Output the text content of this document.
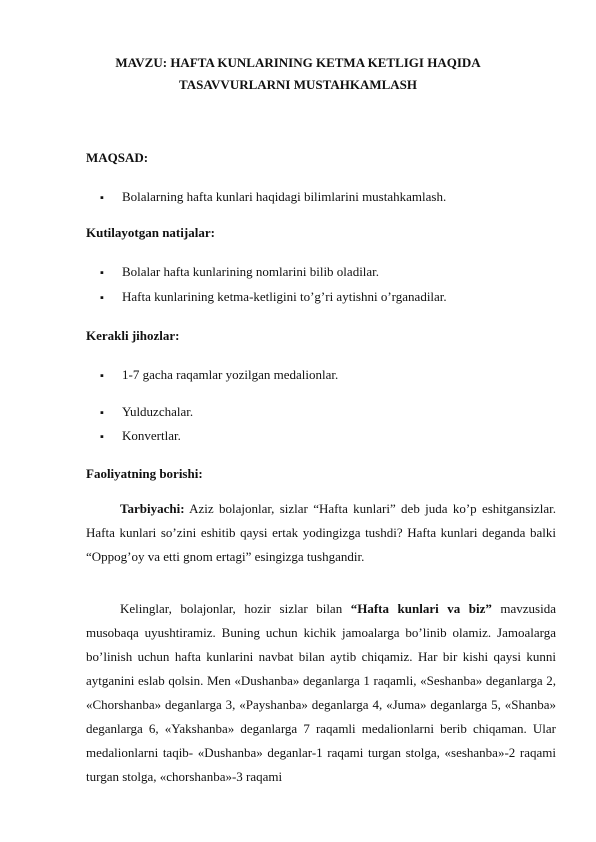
MAVZU: HAFTA KUNLARINING KETMA KETLIGI HAQIDA
TASAVVURLARNI MUSTAHKAMLASH
MAQSAD:
▪ Bolalarning hafta kunlari haqidagi bilimlarini mustahkamlash.
Kutilayotgan natijalar:
▪ Bolalar hafta kunlarining nomlarini bilib oladilar.
▪ Hafta kunlarining ketma-ketligini to’g’ri aytishni o’rganadilar.
Kerakli jihozlar:
▪ 1-7 gacha raqamlar yozilgan medalionlar.
▪ Yulduzchalar.
▪ Konvertlar.
Faoliyatning borishi:
Tarbiyachi: Aziz bolajonlar, sizlar “Hafta kunlari” deb juda ko’p eshitgansizlar. Hafta kunlari so’zini eshitib qaysi ertak yodingizga tushdi? Hafta kunlari deganda balki “Oppog’oy va etti gnom ertagi” esingizga tushgandir.
Kelinglar, bolajonlar, hozir sizlar bilan “Hafta kunlari va biz” mavzusida musobaqa uyushtiramiz. Buning uchun kichik jamoalarga bo’linib olamiz. Jamoalarga bo’linish uchun hafta kunlarini navbat bilan aytib chiqamiz. Har bir kishi qaysi kunni aytganini eslab qolsin. Men «Dushanba» deganlarga 1 raqamli, «Seshanba» deganlarga 2, «Chorshanba» deganlarga 3, «Payshanba» deganlarga 4, «Juma» deganlarga 5, «Shanba» deganlarga 6, «Yakshanba» deganlarga 7 raqamli medalionlarni berib chiqaman. Ular medalionlarni taqib- «Dushanba» deganlar-1 raqami turgan stolga, «seshanba»-2 raqami turgan stolga, «chorshanba»-3 raqami
